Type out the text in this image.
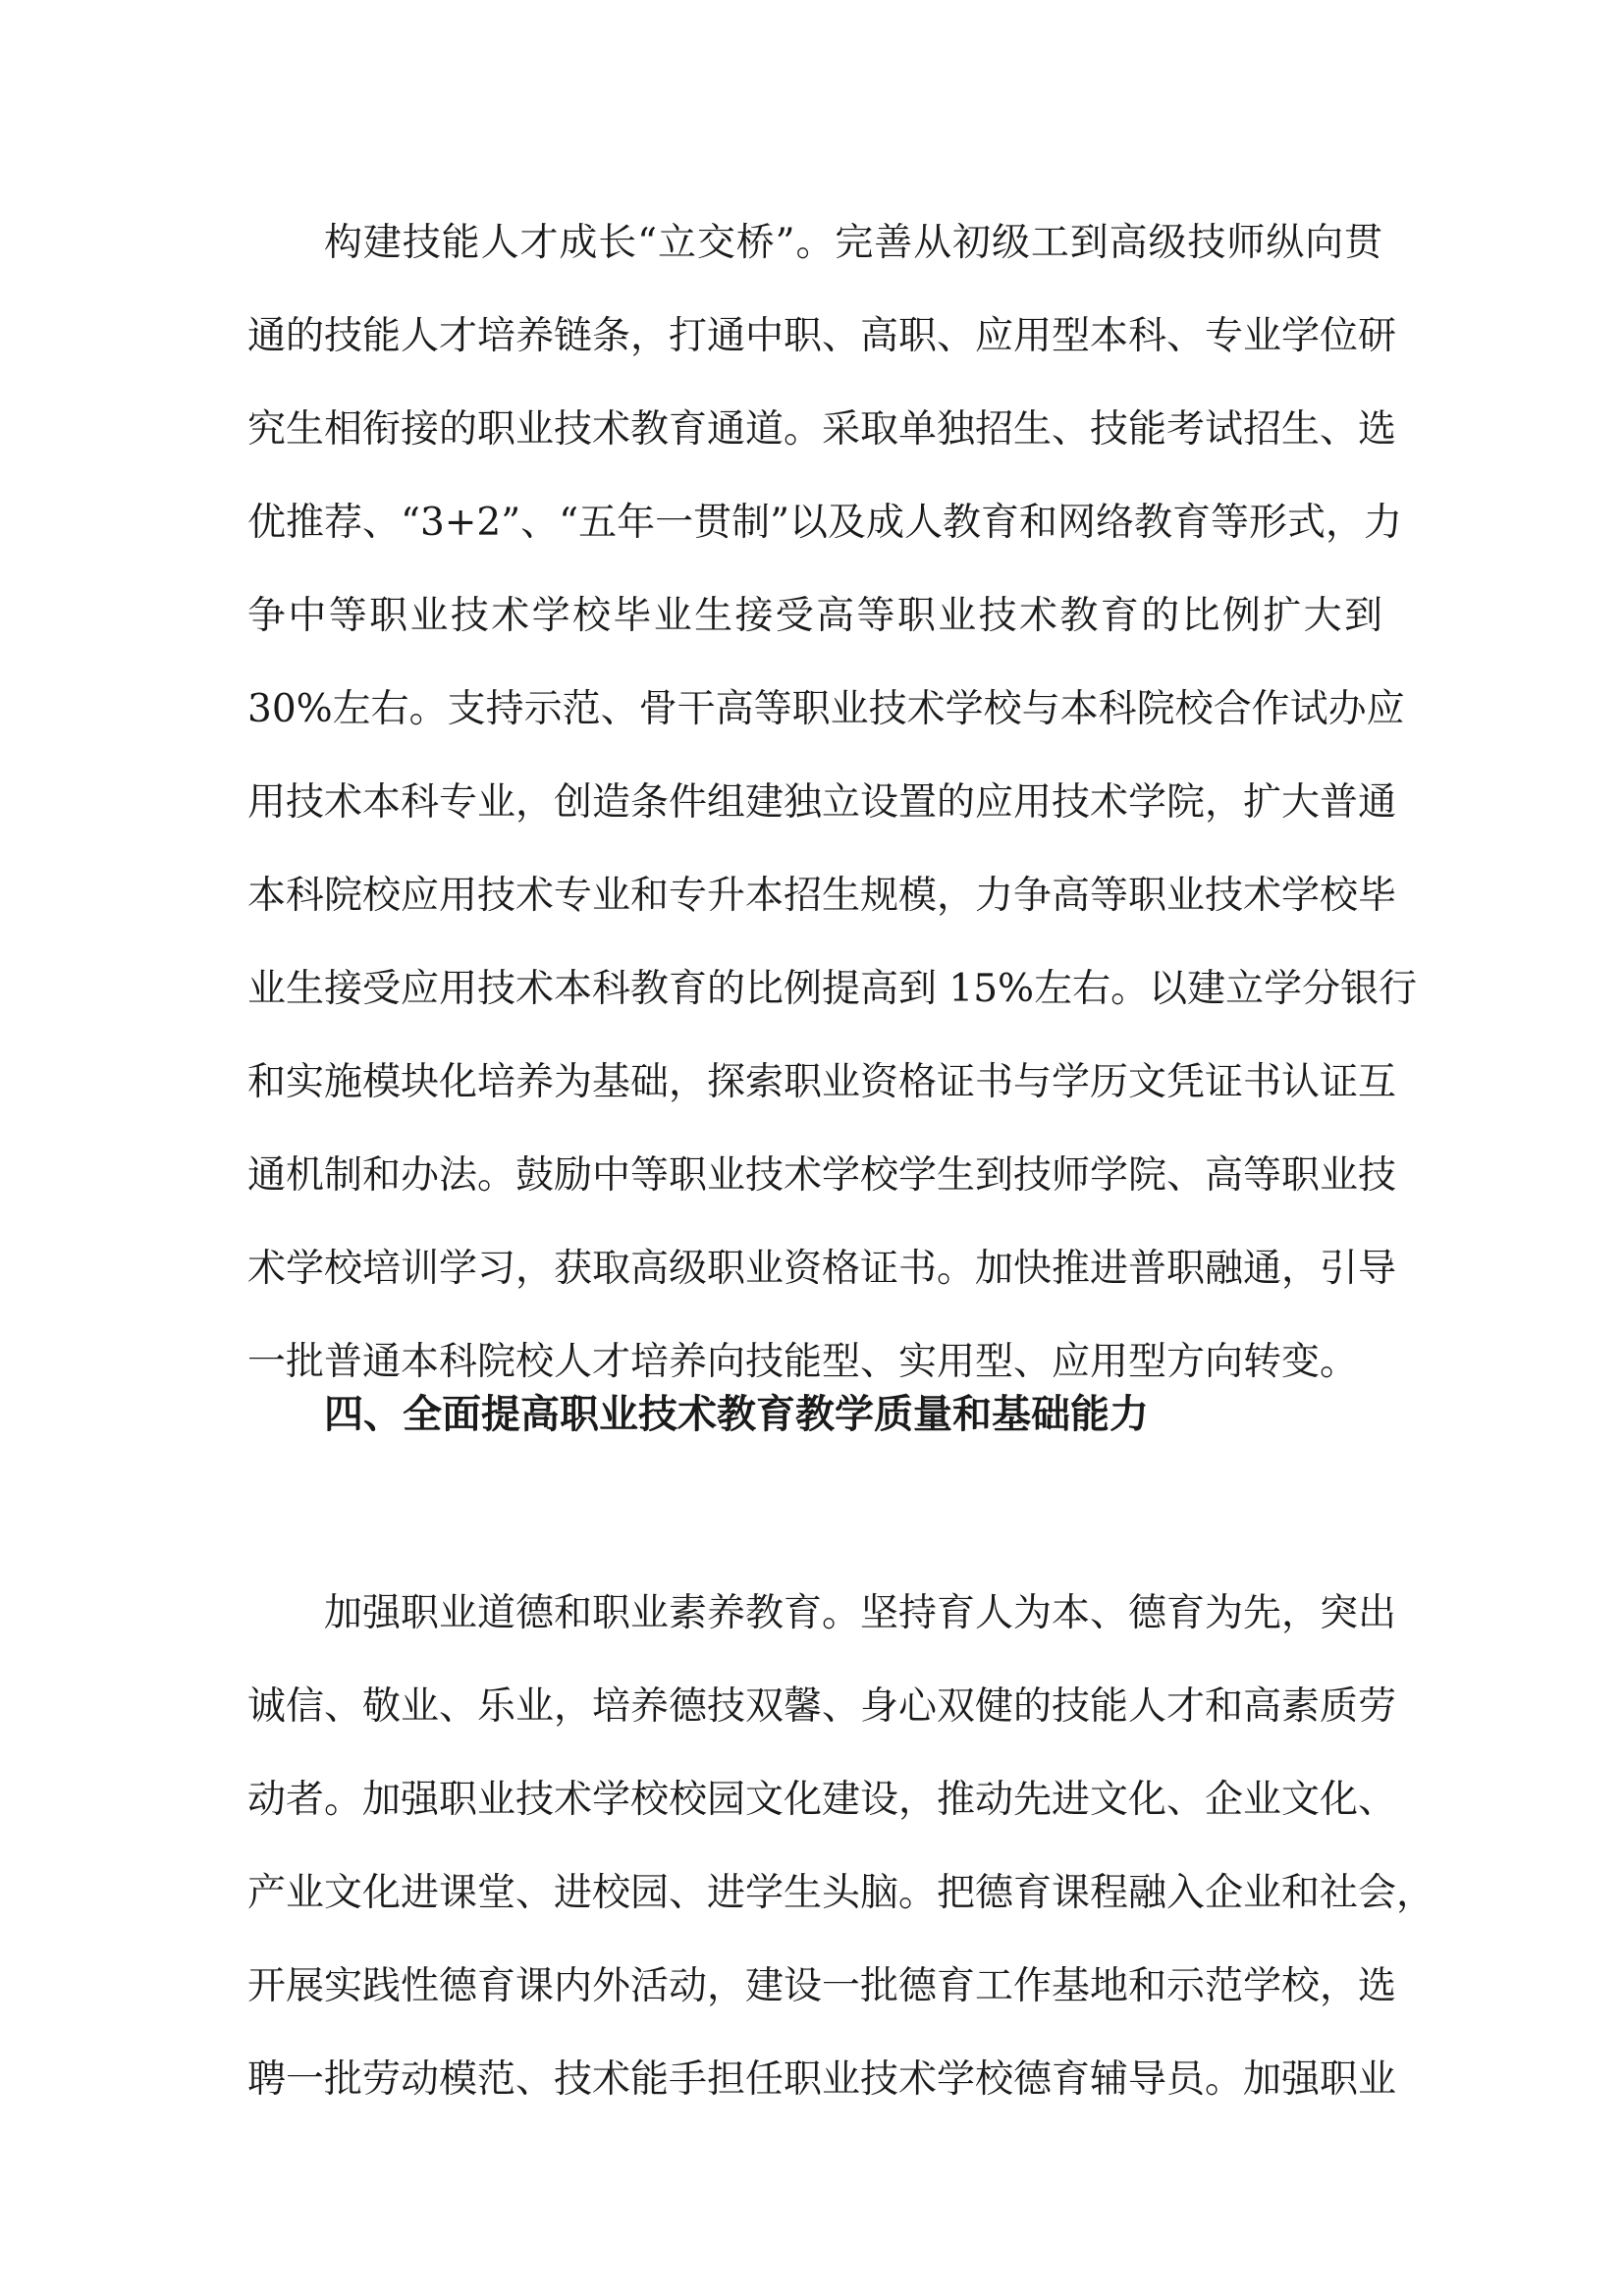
构建技能人才成长“立交桥”。完善从初级工到高级技师纵向贯
通的技能人才培养链条，打通中职、高职、应用型本科、专业学位研
究生相衔接的职业技术教育通道。采取单独招生、技能考试招生、选
优推荐、“3+2”、“五年一贯制”以及成人教育和网络教育等形式，力
争中等职业技术学校毕业生接受高等职业技术教育的比例扩大到
30%左右。支持示范、骨干高等职业技术学校与本科院校合作试办应
用技术本科专业，创造条件组建独立设置的应用技术学院，扩大普通
本科院校应用技术专业和专升本招生规模，力争高等职业技术学校毕
业生接受应用技术本科教育的比例提高到 15%左右。以建立学分银行
和实施模块化培养为基础，探索职业资格证书与学历文凭证书认证互
通机制和办法。鼓励中等职业技术学校学生到技师学院、高等职业技
术学校培训学习，获取高级职业资格证书。加快推进普职融通，引导
一批普通本科院校人才培养向技能型、实用型、应用型方向转变。

四、全面提高职业技术教育教学质量和基础能力

加强职业道德和职业素养教育。坚持育人为本、德育为先，突出
诚信、敬业、乐业，培养德技双馨、身心双健的技能人才和高素质劳
动者。加强职业技术学校校园文化建设，推动先进文化、企业文化、
产业文化进课堂、进校园、进学生头脑。把德育课程融入企业和社会，
开展实践性德育课内外活动，建设一批德育工作基地和示范学校，选
聘一批劳动模范、技术能手担任职业技术学校德育辅导员。加强职业
